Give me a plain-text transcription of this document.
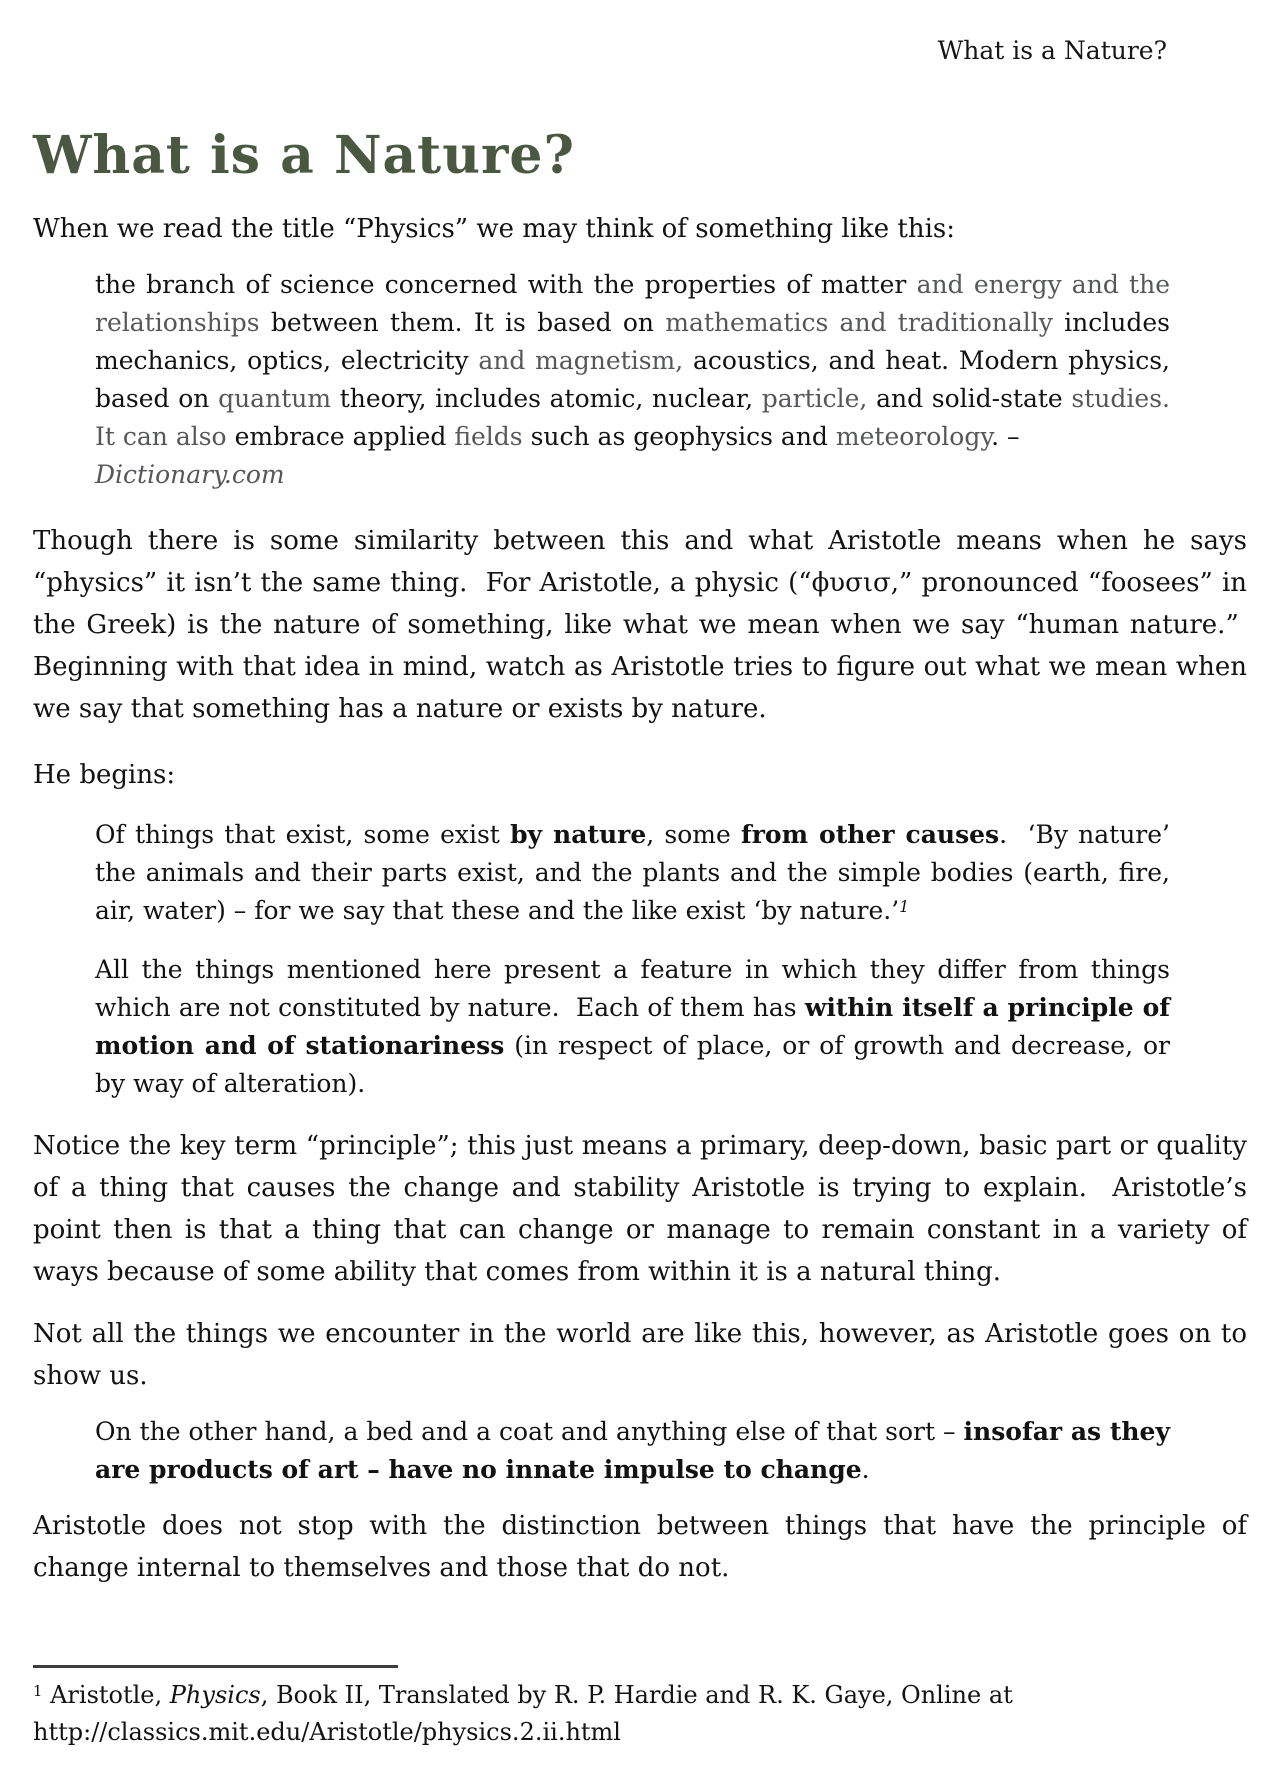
What is a Nature?
What is a Nature?

When we read the title “Physics” we may think of something like this:

the branch of science concerned with the properties of matter and energy and the relationships between them. It is based on mathematics and traditionally includes mechanics, optics, electricity and magnetism, acoustics, and heat. Modern physics, based on quantum theory, includes atomic, nuclear, particle, and solid-state studies. It can also embrace applied fields such as geophysics and meteorology. –
Dictionary.com

Though there is some similarity between this and what Aristotle means when he says “physics” it isn’t the same thing.  For Aristotle, a physic (“ϕυσισ,” pronounced “foosees” in the Greek) is the nature of something, like what we mean when we say “human nature.”  Beginning with that idea in mind, watch as Aristotle tries to figure out what we mean when we say that something has a nature or exists by nature.

He begins:

Of things that exist, some exist by nature, some from other causes.  ‘By nature’ the animals and their parts exist, and the plants and the simple bodies (earth, fire, air, water) – for we say that these and the like exist ‘by nature.’$^1$
All the things mentioned here present a feature in which they differ from things which are not constituted by nature.  Each of them has within itself a principle of motion and of stationariness (in respect of place, or of growth and decrease, or by way of alteration).

Notice the key term “principle”; this just means a primary, deep-down, basic part or quality of a thing that causes the change and stability Aristotle is trying to explain.  Aristotle’s point then is that a thing that can change or manage to remain constant in a variety of ways because of some ability that comes from within it is a natural thing.

Not all the things we encounter in the world are like this, however, as Aristotle goes on to show us.

On the other hand, a bed and a coat and anything else of that sort – insofar as they are products of art – have no innate impulse to change.

Aristotle does not stop with the distinction between things that have the principle of change internal to themselves and those that do not.

$^1$ Aristotle, Physics, Book II, Translated by R. P. Hardie and R. K. Gaye, Online at http://classics.mit.edu/Aristotle/physics.2.ii.html
